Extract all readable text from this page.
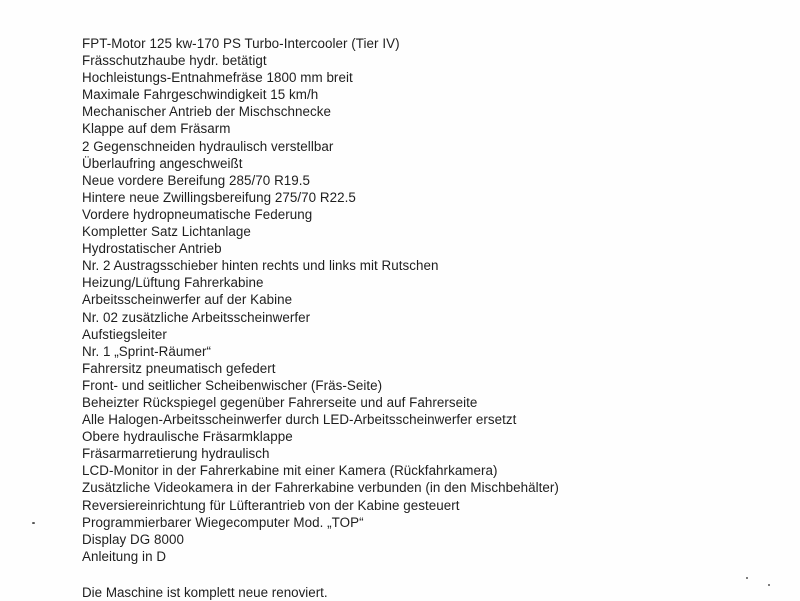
FPT-Motor 125 kw-170 PS Turbo-Intercooler (Tier IV)
Frässchutzhaube hydr. betätigt
Hochleistungs-Entnahmefräse 1800 mm breit
Maximale Fahrgeschwindigkeit 15 km/h
Mechanischer Antrieb der Mischschnecke
Klappe auf dem Fräsarm
2 Gegenschneiden hydraulisch verstellbar
Überlaufring angeschweißt
Neue vordere Bereifung 285/70 R19.5
Hintere neue Zwillingsbereifung 275/70 R22.5
Vordere hydropneumatische Federung
Kompletter Satz Lichtanlage
Hydrostatischer Antrieb
Nr. 2 Austragsschieber hinten rechts und links mit Rutschen
Heizung/Lüftung Fahrerkabine
Arbeitsscheinwerfer auf der Kabine
Nr. 02 zusätzliche Arbeitsscheinwerfer
Aufstiegsleiter
Nr. 1 „Sprint-Räumer“
Fahrersitz pneumatisch gefedert
Front- und seitlicher Scheibenwischer (Fräs-Seite)
Beheizter Rückspiegel gegenüber Fahrerseite und auf Fahrerseite
Alle Halogen-Arbeitsscheinwerfer durch LED-Arbeitsscheinwerfer ersetzt
Obere hydraulische Fräsarmklappe
Fräsarmarretierung hydraulisch
LCD-Monitor in der Fahrerkabine mit einer Kamera (Rückfahrkamera)
Zusätzliche Videokamera in der Fahrerkabine verbunden (in den Mischbehälter)
Reversiereinrichtung für Lüfterantrieb von der Kabine gesteuert
Programmierbarer Wiegecomputer Mod. „TOP“
Display DG 8000
Anleitung in D
Die Maschine ist komplett neue renoviert.
